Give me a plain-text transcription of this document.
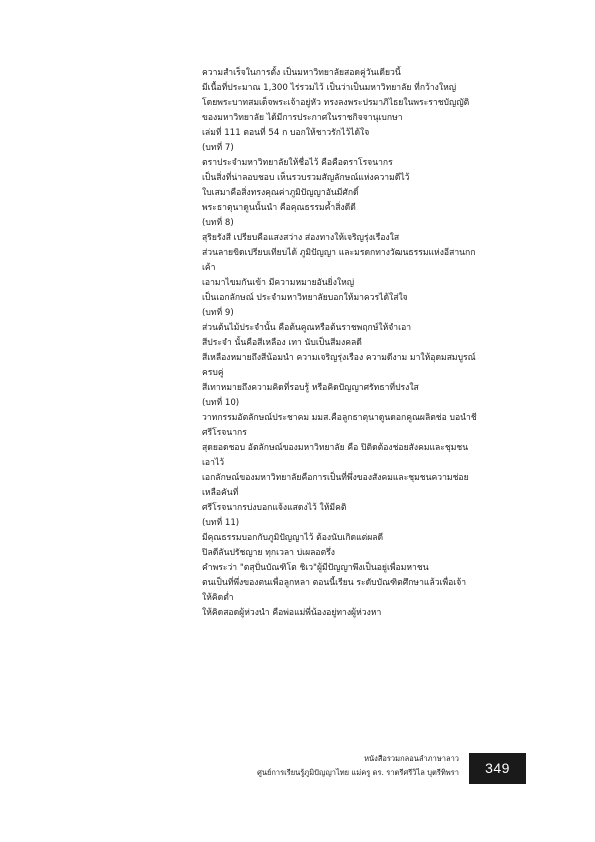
ความสำเร็จในการตั้ง เป็นมหาวิทยาลัยสอดคู่วันเดียวนี้
มีเนื้อที่ประมาณ 1,300 ไร่รวมไว้ เป็นว่าเป็นมหาวิทยาลัย ที่กว้างใหญ่
โดยพระบาทสมเด็จพระเจ้าอยู่หัว ทรงลงพระปรมาภิไธยในพระราชบัญญัติ
ของมหาวิทยาลัย ได้มีการประกาศในราชกิจจานุเบกษา
เล่มที่ 111 ตอนที่ 54 ก บอกให้ชาวรักไว้ได้ใจ
(บทที่ 7)
ตราประจำมหาวิทยาลัยให้ชื่อไว้ คือคือตราโรจนากร
เป็นสิ่งที่น่าลอบชอบ เห็นรวบรวมสัญลักษณ์แห่งความดีไว้
ใบเสมาคือสิ่งทรงคุณค่าภูมิปัญญาอันมีศักดิ์
พระธาตุนาดูนนั้นนำ คือคุณธรรมค้ำสิ่งดีดี
(บทที่ 8)
สุริยรังสี เปรียบคือแสงสว่าง ส่องทางให้เจริญรุ่งเรืองใส
ส่วนลายขิดเปรียบเทียบได้ ภูมิปัญญา และมรดกทางวัฒนธรรมแห่งอีสานกก
เค้า
เอามาไขมกันเข้า มีความหมายอันยิ่งใหญ่
เป็นเอกลักษณ์ ประจำมหาวิทยาลัยบอกให้มาควรได้ใส่ใจ
(บทที่ 9)
ส่วนต้นไม้ประจำนั้น คือต้นคูณหรือต้นราชพฤกษ์ให้จำเอา
สีประจำ นั้นคือสีเหลือง เทา นับเป็นสีมงคลดี
สีเหลืองหมายถึงสีน้อมนำ ความเจริญรุ่งเรือง ความดีงาม มาให้อุดมสมบูรณ์
ครบคู่
สีเทาหมายถึงความคิดที่รอบรู้ หรือคิดปัญญาศรัทธาที่ปรงใส
(บทที่ 10)
วาทกรรมอัตลักษณ์ประชาคม มมส.คือลูกธาตุนาดูนดอกคูณผลิตช่อ บอนำชี
ศรีโรจนากร
สุดยอดชอบ อัตลักษณ์ของมหาวิทยาลัย คือ ปิติดต้องช่อยสังคมและชุมชน
เอาไว้
เอกลักษณ์ของมหาวิทยาลัยคือการเป็นที่พึ่งของสังคมและชุมชนความช่อย
เหลือคันที่
ศรีโรจนากรบ่งบอกแจ้งแสดงไว้ ให้มีคติ
(บทที่ 11)
มีคุณธรรมบอกกับภูมิปัญญาไว้ ต้องนับเกิดแต่ผลดี
ปิลดีลันปรัชญาย ทุกเวลา บ่เผลอตรึ่ง
คำพระว่า "ตสุปั่นบัณฑิโต ชิเว"ผู้มีปัญญาพึงเป็นอยู่เพื่อมหาชน
ตนเป็นที่พึ่งของตนเพื่อลูกหลา ตอนนี้เรียน ระดับบัณฑิตศึกษาแล้วเพื่อเจ้า
ให้คิดต่ำ
ให้คิดสอดผู้ห่วงนำ คือพ่อแม่พี่น้องอยู่ทางผู้ห่วงหา
หนังสือรวมกลอนลำภาษาลาว
ศูนย์การเรียนรู้ภูมิปัญญาไทย แม่ครู ดร. ราตรีศรีวิไล บุตรีทิพรา	349
